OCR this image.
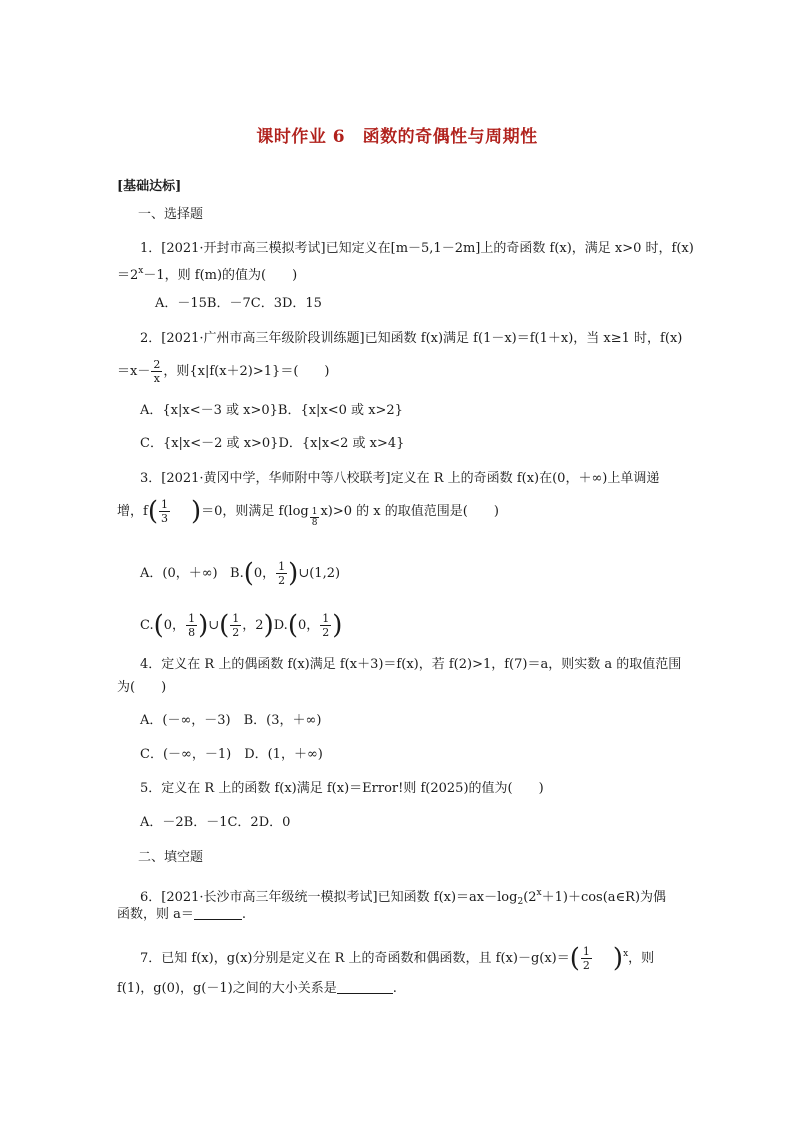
课时作业 6　函数的奇偶性与周期性
[基础达标]
一、选择题
1．[2021·开封市高三模拟考试]已知定义在[m－5,1－2m]上的奇函数 f(x)，满足 x>0 时，f(x)
$=2^x-1$，则 f(m)的值为(　　)
A．－15B．－7C．3D．15
2．[2021·广州市高三年级阶段训练题]已知函数 f(x)满足 f(1－x)＝f(1＋x)，当 x≥1 时，f(x)
$=x- \frac{2}{x}$ ，则{x|f(x＋2)>1}＝(　　)
A．{x|x<－3 或 x>0}B．{x|x<0 或 x>2}
C．{x|x<－2 或 x>0}D．{x|x<2 或 x>4}
3．[2021·黄冈中学，华师附中等八校联考]定义在 R 上的奇函数 f(x)在(0，＋∞)上单调递
增，$f( \frac{1}{3} )=0$，则满足 $f(\log \frac{1}{8} x)>0$ 的 x 的取值范围是(　　)
A．(0，＋∞) B.(0， $\frac{1}{2}$ )∪(1,2)
C.(0， $\frac{1}{8}$ )∪( $\frac{1}{2}$ ，2)D.(0， $\frac{1}{2}$ )
4．定义在 R 上的偶函数 f(x)满足 f(x＋3)＝f(x)，若 f(2)>1，f(7)＝a，则实数 a 的取值范围
为(　　)
A．(－∞，－3)　B．(3，＋∞)
C．(－∞，－1)　D．(1，＋∞)
5．定义在 R 上的函数 f(x)满足 f(x)＝Error!则 f(2025)的值为(　　)
A．－2B．－1C．2D．0
二、填空题
6．[2021·长沙市高三年级统一模拟考试]已知函数 $f(x)=ax-\log_2(2^x+1)+\cos(a\in R)$为偶
函数，则 a＝	.
7．已知 f(x)，g(x)分别是定义在 R 上的奇函数和偶函数，且 $f(x)-g(x)=( \frac{1}{2} )^x$，则
f(1)，g(0)，g(－1)之间的大小关系是	.
